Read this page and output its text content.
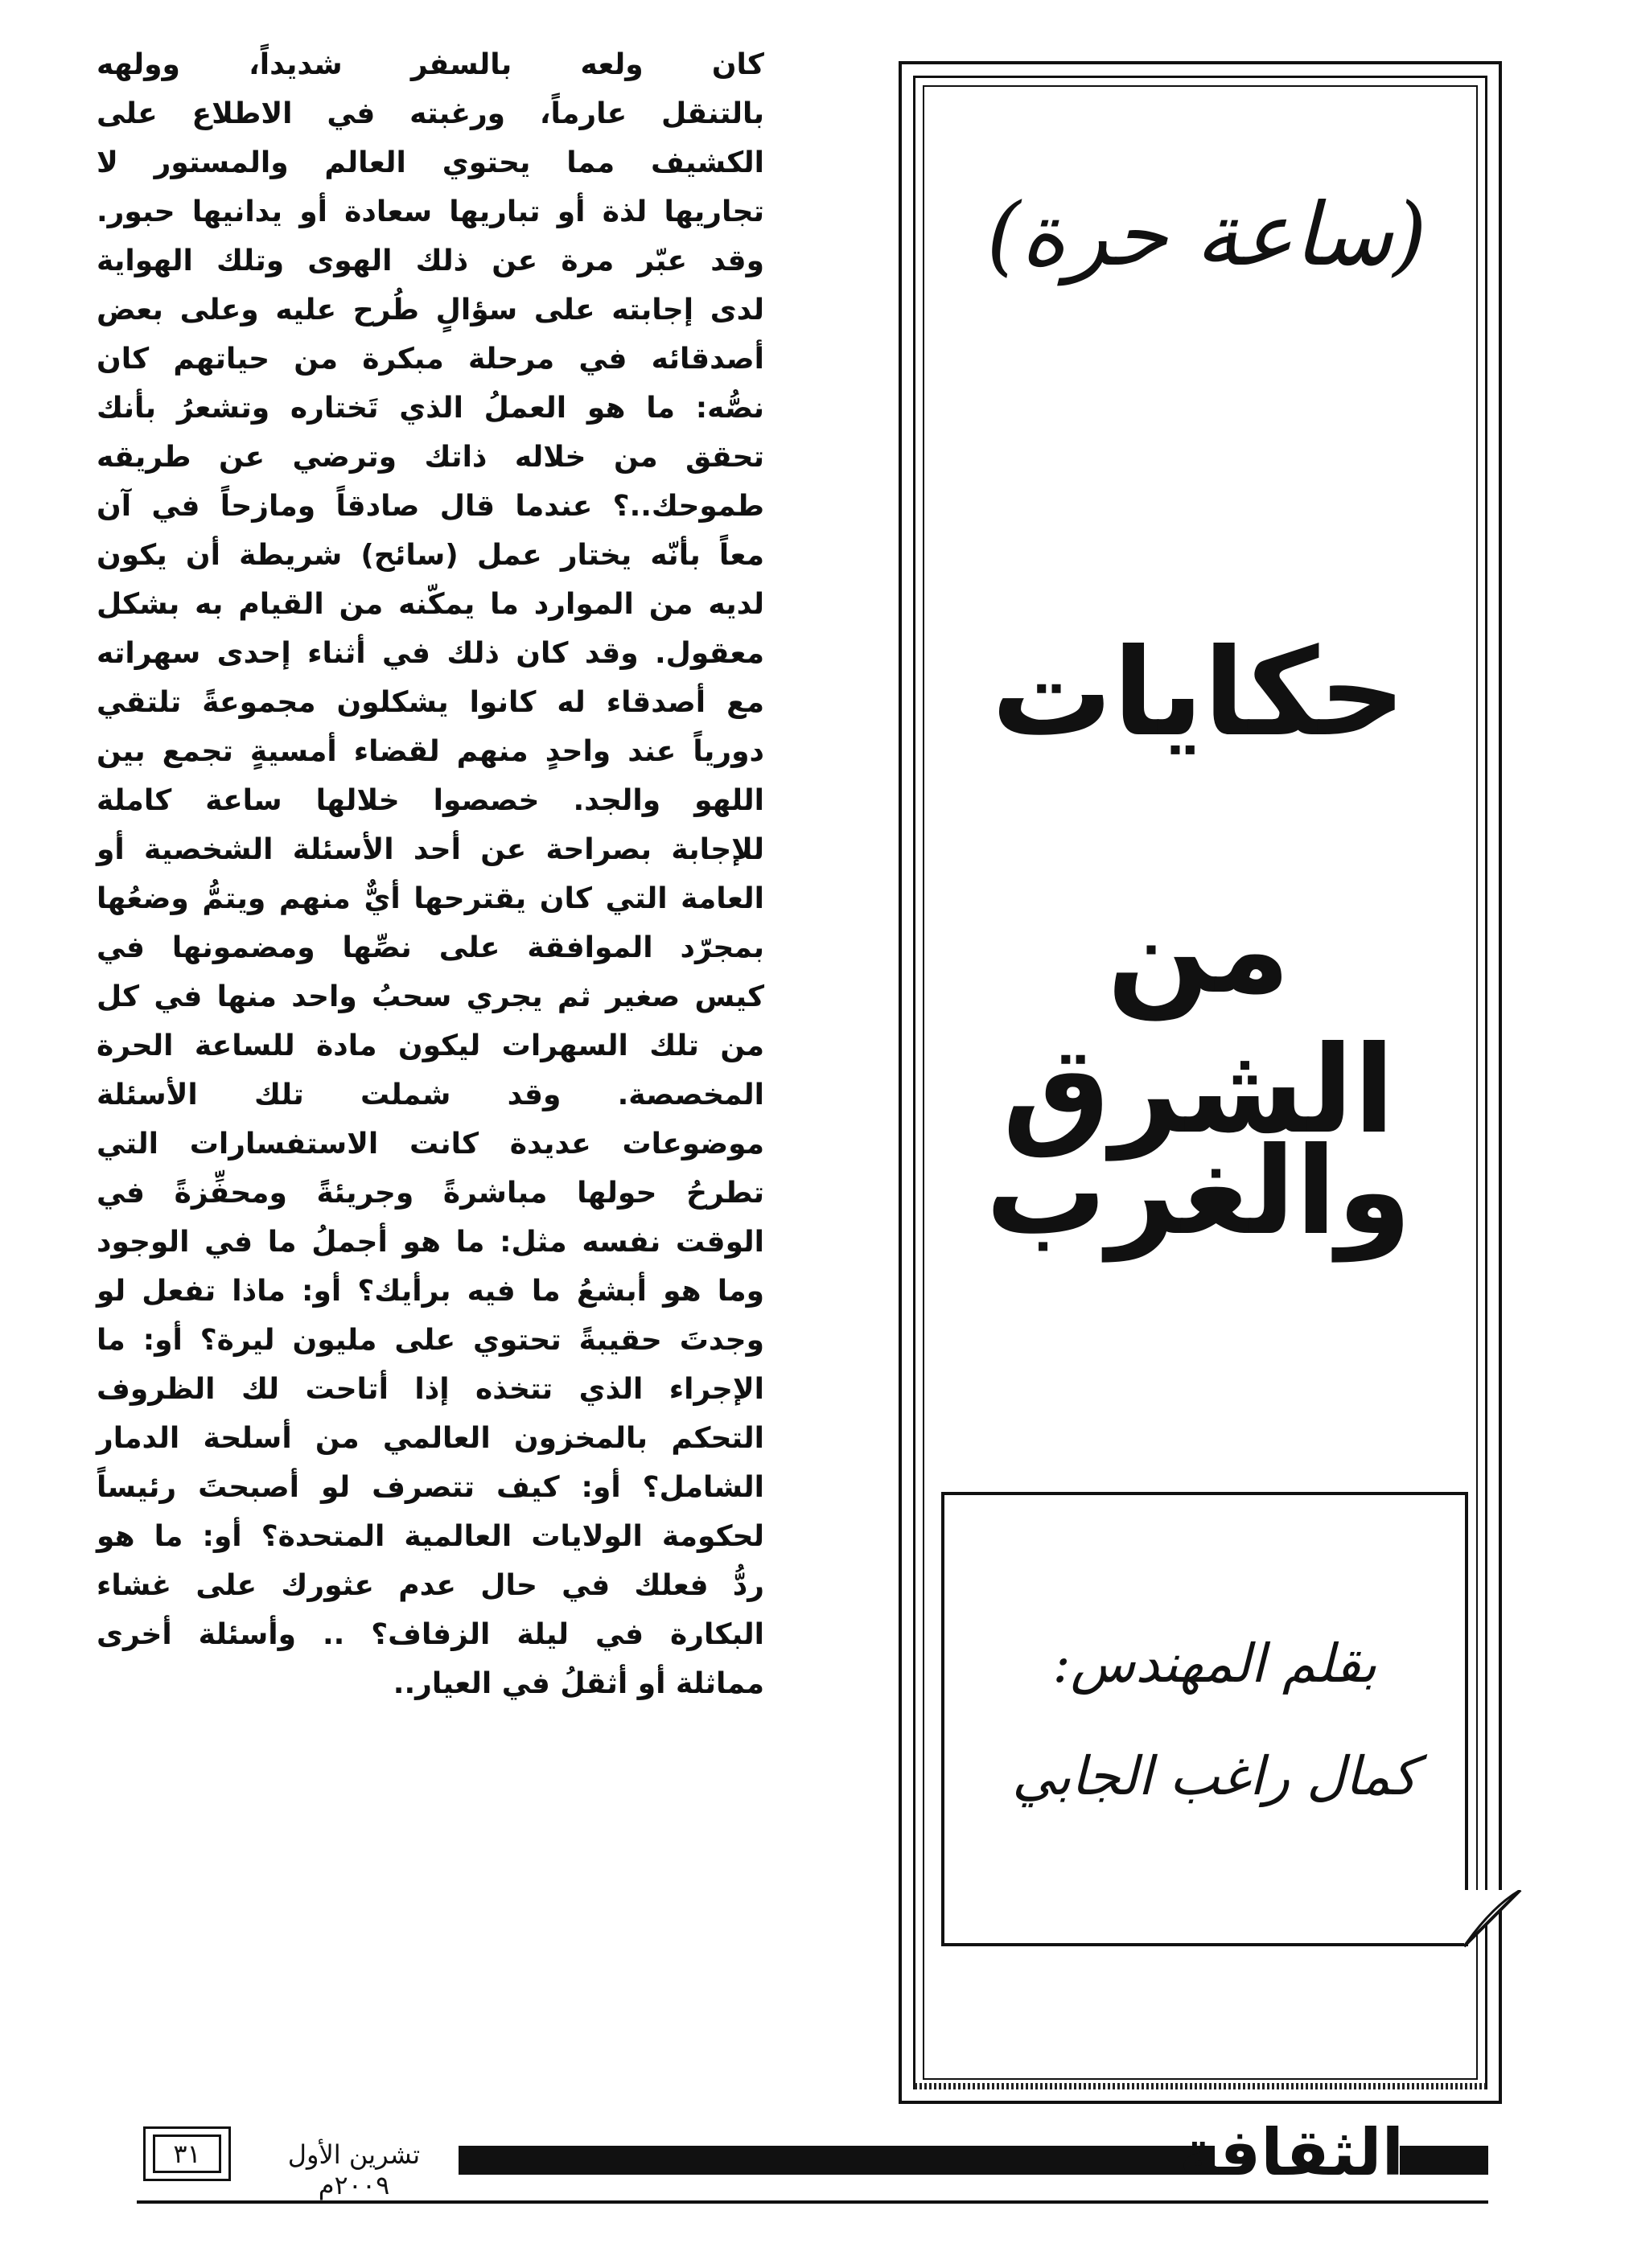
كان ولعه بالسفر شديداً، وولهه
بالتنقل عارماً، ورغبته في الاطلاع على
الكشيف مما يحتوي العالم والمستور لا
تجاريها لذة أو تباريها سعادة أو يدانيها حبور.
وقد عبّر مرة عن ذلك الهوى وتلك الهواية
لدى إجابته على سؤالٍ طُرح عليه وعلى بعض
أصدقائه في مرحلة مبكرة من حياتهم كان
نصُّه: ما هو العملُ الذي تَختاره وتشعرُ بأنك
تحقق من خلاله ذاتك وترضي عن طريقه
طموحك..؟ عندما قال صادقاً ومازحاً في آن
معاً بأنّه يختار عمل (سائح) شريطة أن يكون
لديه من الموارد ما يمكّنه من القيام به بشكل
معقول. وقد كان ذلك في أثناء إحدى سهراته
مع أصدقاء له كانوا يشكلون مجموعةً تلتقي
دورياً عند واحدٍ منهم لقضاء أمسيةٍ تجمع بين
اللهو والجد. خصصوا خلالها ساعة كاملة
للإجابة بصراحة عن أحد الأسئلة الشخصية أو
العامة التي كان يقترحها أيٌّ منهم ويتمُّ وضعُها
بمجرّد الموافقة على نصِّها ومضمونها في
كيس صغير ثم يجري سحبُ واحد منها في كل
من تلك السهرات ليكون مادة للساعة الحرة
المخصصة. وقد شملت تلك الأسئلة
موضوعات عديدة كانت الاستفسارات التي
تطرحُ حولها مباشرةً وجريئةً ومحفِّزةً في
الوقت نفسه مثل: ما هو أجملُ ما في الوجود
وما هو أبشعُ ما فيه برأيك؟ أو: ماذا تفعل لو
وجدتَ حقيبةً تحتوي على مليون ليرة؟ أو: ما
الإجراء الذي تتخذه إذا أتاحت لك الظروف
التحكم بالمخزون العالمي من أسلحة الدمار
الشامل؟ أو: كيف تتصرف لو أصبحتَ رئيساً
لحكومة الولايات العالمية المتحدة؟ أو: ما هو
ردُّ فعلك في حال عدم عثورك على غشاء
البكارة في ليلة الزفاف؟ .. وأسئلة أخرى
مماثلة أو أثقلُ في العيار..
(ساعة حرة)
حكايات
من الشرق
والغرب
بقلم المهندس:
كمال راغب الجابي
الثقافة
تشرين الأول ٢٠٠٩م
٣١
